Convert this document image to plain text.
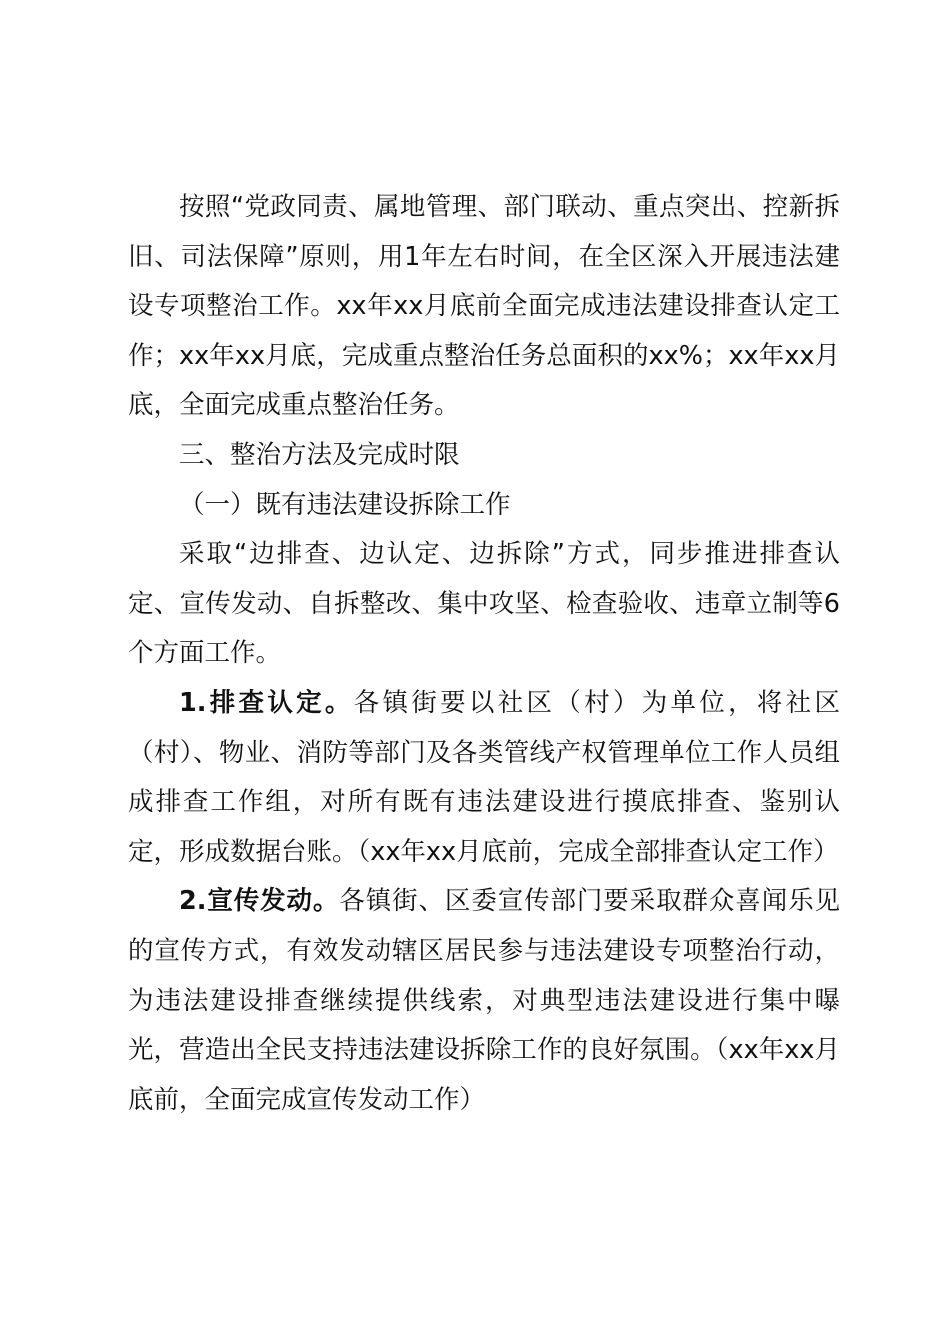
按照“党政同责、属地管理、部门联动、重点突出、控新拆旧、司法保障”原则，用1年左右时间，在全区深入开展违法建设专项整治工作。xx年xx月底前全面完成违法建设排查认定工作；xx年xx月底，完成重点整治任务总面积的xx%；xx年xx月底，全面完成重点整治任务。

三、整治方法及完成时限

（一）既有违法建设拆除工作

采取“边排查、边认定、边拆除”方式，同步推进排查认定、宣传发动、自拆整改、集中攻坚、检查验收、违章立制等6个方面工作。

1.排查认定。各镇街要以社区（村）为单位，将社区（村）、物业、消防等部门及各类管线产权管理单位工作人员组成排查工作组，对所有既有违法建设进行摸底排查、鉴别认定，形成数据台账。（xx年xx月底前，完成全部排查认定工作）

2.宣传发动。各镇街、区委宣传部门要采取群众喜闻乐见的宣传方式，有效发动辖区居民参与违法建设专项整治行动，为违法建设排查继续提供线索，对典型违法建设进行集中曝光，营造出全民支持违法建设拆除工作的良好氛围。（xx年xx月底前，全面完成宣传发动工作）
